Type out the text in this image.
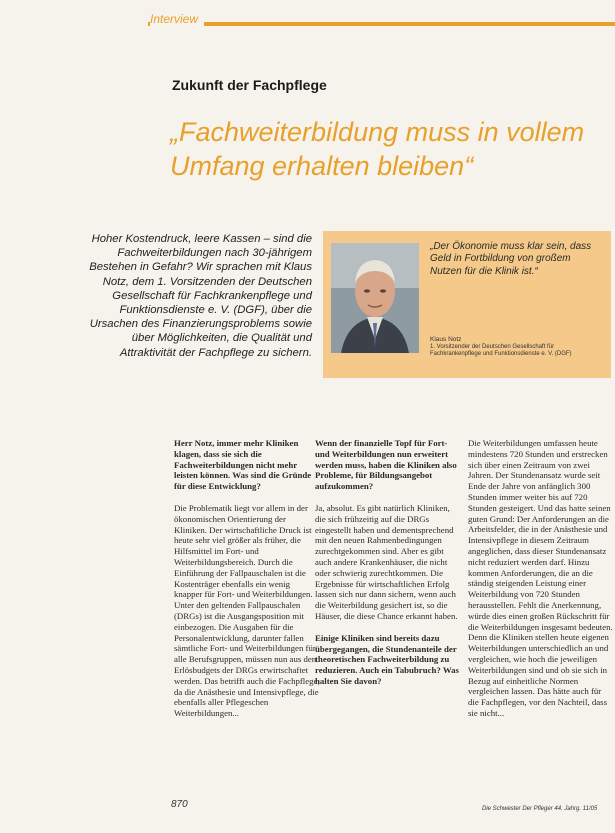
Interview
Zukunft der Fachpflege
„Fachweiterbildung muss in vollem Umfang erhalten bleiben“
Hoher Kostendruck, leere Kassen – sind die Fachweiterbildungen nach 30-jährigem Bestehen in Gefahr? Wir sprachen mit Klaus Notz, dem 1. Vorsitzenden der Deutschen Gesellschaft für Fachkrankenpflege und Funktionsdienste e. V. (DGF), über die Ursachen des Finanzierungsproblems sowie über Möglichkeiten, die Qualität und Attraktivität der Fachpflege zu sichern.
„Der Ökonomie muss klar sein, dass Geld in Fortbildung von großem Nutzen für die Klinik ist.“
Klaus Notz
1. Vorsitzender der Deutschen Gesellschaft für Fachkrankenpflege und Funktionsdienste e. V. (DGF)

Herr Notz, immer mehr Kliniken klagen, dass sie sich die Fachweiterbildungen nicht mehr leisten können. Was sind die Gründe für diese Entwicklung?

Die Problematik liegt vor allem in der ökonomischen Orientierung der Kliniken. Der wirtschaftliche Druck ist heute sehr viel größer als früher, die Hilfsmittel im Fort- und Weiterbildungsbereich. Durch die Einführung der Fallpauschalen ist die Kostenträger ebenfalls ein wenig knapper für Fort- und Weiterbildungen. Unter den geltenden Fallpauschalen (DRGs) ist die Ausgangsposition mit einbezogen. Die Ausgaben für die Personalentwicklung, darunter fallen sämtliche Fort- und Weiterbildungen für alle Berufsgruppen, müssen nun aus den Erlösbudgets der DRGs erwirtschaftet werden. Das betrifft auch die Fachpflege, da die Anästhesie und Intensivpflege, die ebenfalls aller Pflegeschen Weiterbildungen...

Wenn der finanzielle Topf für Fort- und Weiterbildungen nun erweitert werden muss, haben die Kliniken also Probleme, für Bildungsangebot aufzukommen?

Ja, absolut. Es gibt natürlich Kliniken, die sich frühzeitig auf die DRGs eingestellt haben und dementsprechend mit den neuen Rahmenbedingungen zurechtgekommen sind. Aber es gibt auch andere Krankenhäuser, die nicht oder schwierig zurechtkommen. Die Ergebnisse für wirtschaftlichen Erfolg lassen sich nur dann sichern, wenn auch die Weiterbildung gesichert ist, so die Häuser, die diese Chance erkannt haben.

Einige Kliniken sind bereits dazu übergegangen, die Stundenanteile der theoretischen Fachweiterbildung zu reduzieren. Auch ein Tabubruch? Was halten Sie davon?

Die Weiterbildungen umfassen heute mindestens 720 Stunden und erstrecken sich über einen Zeitraum von zwei Jahren. Der Stundenansatz wurde seit Ende der Jahre von anfänglich 300 Stunden immer weiter bis auf 720 Stunden gesteigert. Und das hatte seinen guten Grund: Der Anforderungen an die Arbeitsfelder, die in der Anästhesie und Intensivpflege in diesem Zeitraum angeglichen, dass dieser Stundenansatz nicht reduziert werden darf. Hinzu kommen Anforderungen, die an die ständig steigenden Leistung einer Weiterbildung von 720 Stunden herausstellen. Fehlt die Anerkennung, würde dies einen großen Rückschritt für die Weiterbildungen insgesamt bedeuten. Denn die Kliniken stellen heute eigenen Weiterbildungen unterschiedlich an und vergleichen, wie hoch die jeweiligen Weiterbildungen sind und ob sie sich in Bezug auf einheitliche Normen vergleichen lassen. Das hätte auch für die Fachpflegen, vor den Nachteil, dass sie nicht...

870	Die Schwester Der Pfleger 44. Jahrg. 11/05
